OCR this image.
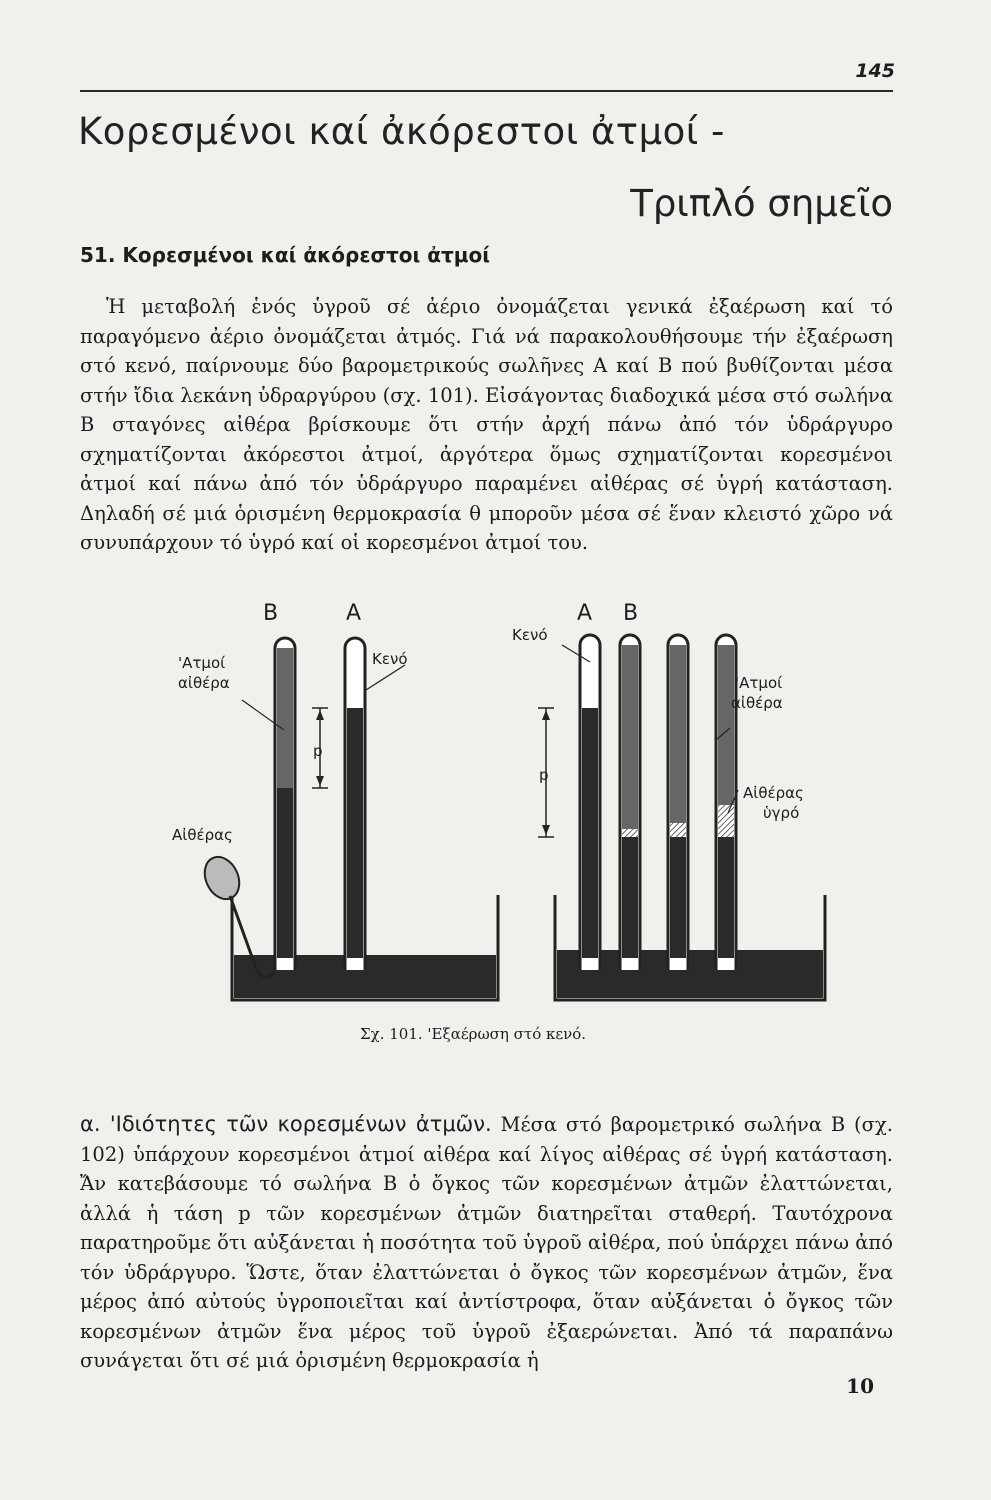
145
Κορεσμένοι καί ἀκόρεστοι ἀτμοί -
Τριπλό σημεῖο
51. Κορεσμένοι καί ἀκόρεστοι ἀτμοί
Ἡ μεταβολή ἑνός ὑγροῦ σέ ἀέριο ὀνομάζεται γενικά ἐξαέρωση καί τό παραγόμενο ἀέριο ὀνομάζεται ἀτμός. Γιά νά παρακολουθήσουμε τήν ἐξαέρωση στό κενό, παίρνουμε δύο βαρομετρικούς σωλῆνες Α καί Β πού βυθίζονται μέσα στήν ἴδια λεκάνη ὑδραργύρου (σχ. 101). Εἰσάγοντας διαδοχικά μέσα στό σωλήνα Β σταγόνες αἰθέρα βρίσκουμε ὅτι στήν ἀρχή πάνω ἀπό τόν ὑδράργυρο σχηματίζονται ἀκόρεστοι ἀτμοί, ἀργότερα ὅμως σχηματίζονται κορεσμένοι ἀτμοί καί πάνω ἀπό τόν ὑδράργυρο παραμένει αἰθέρας σέ ὑγρή κατάσταση. Δηλαδή σέ μιά ὁρισμένη θερμοκρασία θ μποροῦν μέσα σέ ἕναν κλειστό χῶρο νά συνυπάρχουν τό ὑγρό καί οἱ κορεσμένοι ἀτμοί του.
Β	Α
'Ατμοί
αἰθέρα
Κενό
p
Αἰθέρας
Α Β
Κενό
p
'Ατμοί
αἰθέρα
Αἰθέρας
ὑγρό
Σχ. 101. 'Εξαέρωση στό κενό.
α. 'Ιδιότητες τῶν κορεσμένων ἀτμῶν. Μέσα στό βαρομετρικό σωλήνα Β (σχ. 102) ὑπάρχουν κορεσμένοι ἀτμοί αἰθέρα καί λίγος αἰθέρας σέ ὑγρή κατάσταση. Ἄν κατεβάσουμε τό σωλήνα Β ὁ ὄγκος τῶν κορεσμένων ἀτμῶν ἐλαττώνεται, ἀλλά ἡ τάση p τῶν κορεσμένων ἀτμῶν διατηρεῖται σταθερή. Ταυτόχρονα παρατηροῦμε ὅτι αὐξάνεται ἡ ποσότητα τοῦ ὑγροῦ αἰθέρα, πού ὑπάρχει πάνω ἀπό τόν ὑδράργυρο. Ὥστε, ὅταν ἐλαττώνεται ὁ ὄγκος τῶν κορεσμένων ἀτμῶν, ἕνα μέρος ἀπό αὐτούς ὑγροποιεῖται καί ἀντίστροφα, ὅταν αὐξάνεται ὁ ὄγκος τῶν κορεσμένων ἀτμῶν ἕνα μέρος τοῦ ὑγροῦ ἐξαερώνεται. Ἀπό τά παραπάνω συνάγεται ὅτι σέ μιά ὁρισμένη θερμοκρασία ἡ
10
